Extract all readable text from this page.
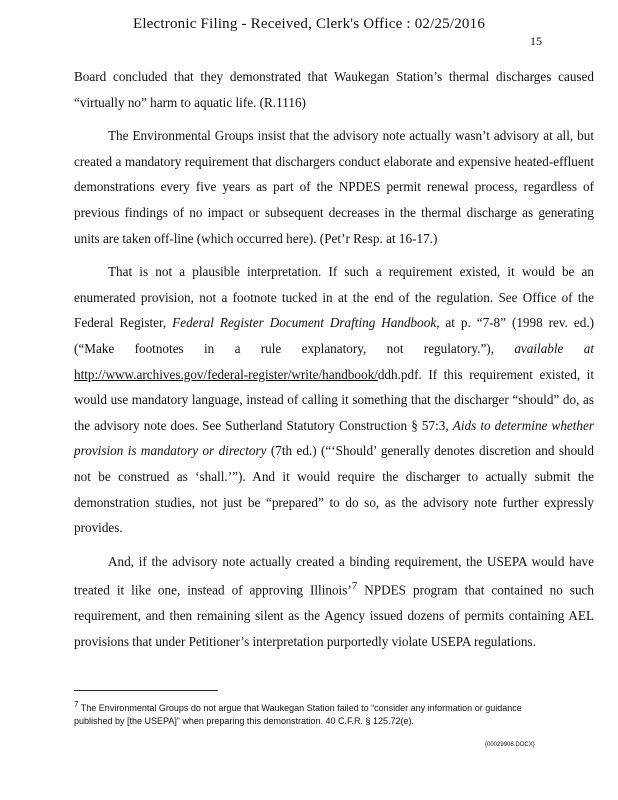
Electronic Filing - Received, Clerk's Office : 02/25/2016
15

Board concluded that they demonstrated that Waukegan Station’s thermal discharges caused “virtually no” harm to aquatic life. (R.1116)

The Environmental Groups insist that the advisory note actually wasn’t advisory at all, but created a mandatory requirement that dischargers conduct elaborate and expensive heated-effluent demonstrations every five years as part of the NPDES permit renewal process, regardless of previous findings of no impact or subsequent decreases in the thermal discharge as generating units are taken off-line (which occurred here). (Pet’r Resp. at 16-17.)

That is not a plausible interpretation. If such a requirement existed, it would be an enumerated provision, not a footnote tucked in at the end of the regulation. See Office of the Federal Register, Federal Register Document Drafting Handbook, at p. “7-8” (1998 rev. ed.) (“Make footnotes in a rule explanatory, not regulatory.”), available at http://www.archives.gov/federal-register/write/handbook/ddh.pdf. If this requirement existed, it would use mandatory language, instead of calling it something that the discharger “should” do, as the advisory note does. See Sutherland Statutory Construction § 57:3, Aids to determine whether provision is mandatory or directory (7th ed.) (“‘Should’ generally denotes discretion and should not be construed as ‘shall.’”). And it would require the discharger to actually submit the demonstration studies, not just be “prepared” to do so, as the advisory note further expressly provides.

And, if the advisory note actually created a binding requirement, the USEPA would have treated it like one, instead of approving Illinois’$^7$ NPDES program that contained no such requirement, and then remaining silent as the Agency issued dozens of permits containing AEL provisions that under Petitioner’s interpretation purportedly violate USEPA regulations.

$^7$ The Environmental Groups do not argue that Waukegan Station failed to “consider any information or guidance published by [the USEPA]” when preparing this demonstration. 40 C.F.R. § 125.72(e).
{00029906.DOCX}
